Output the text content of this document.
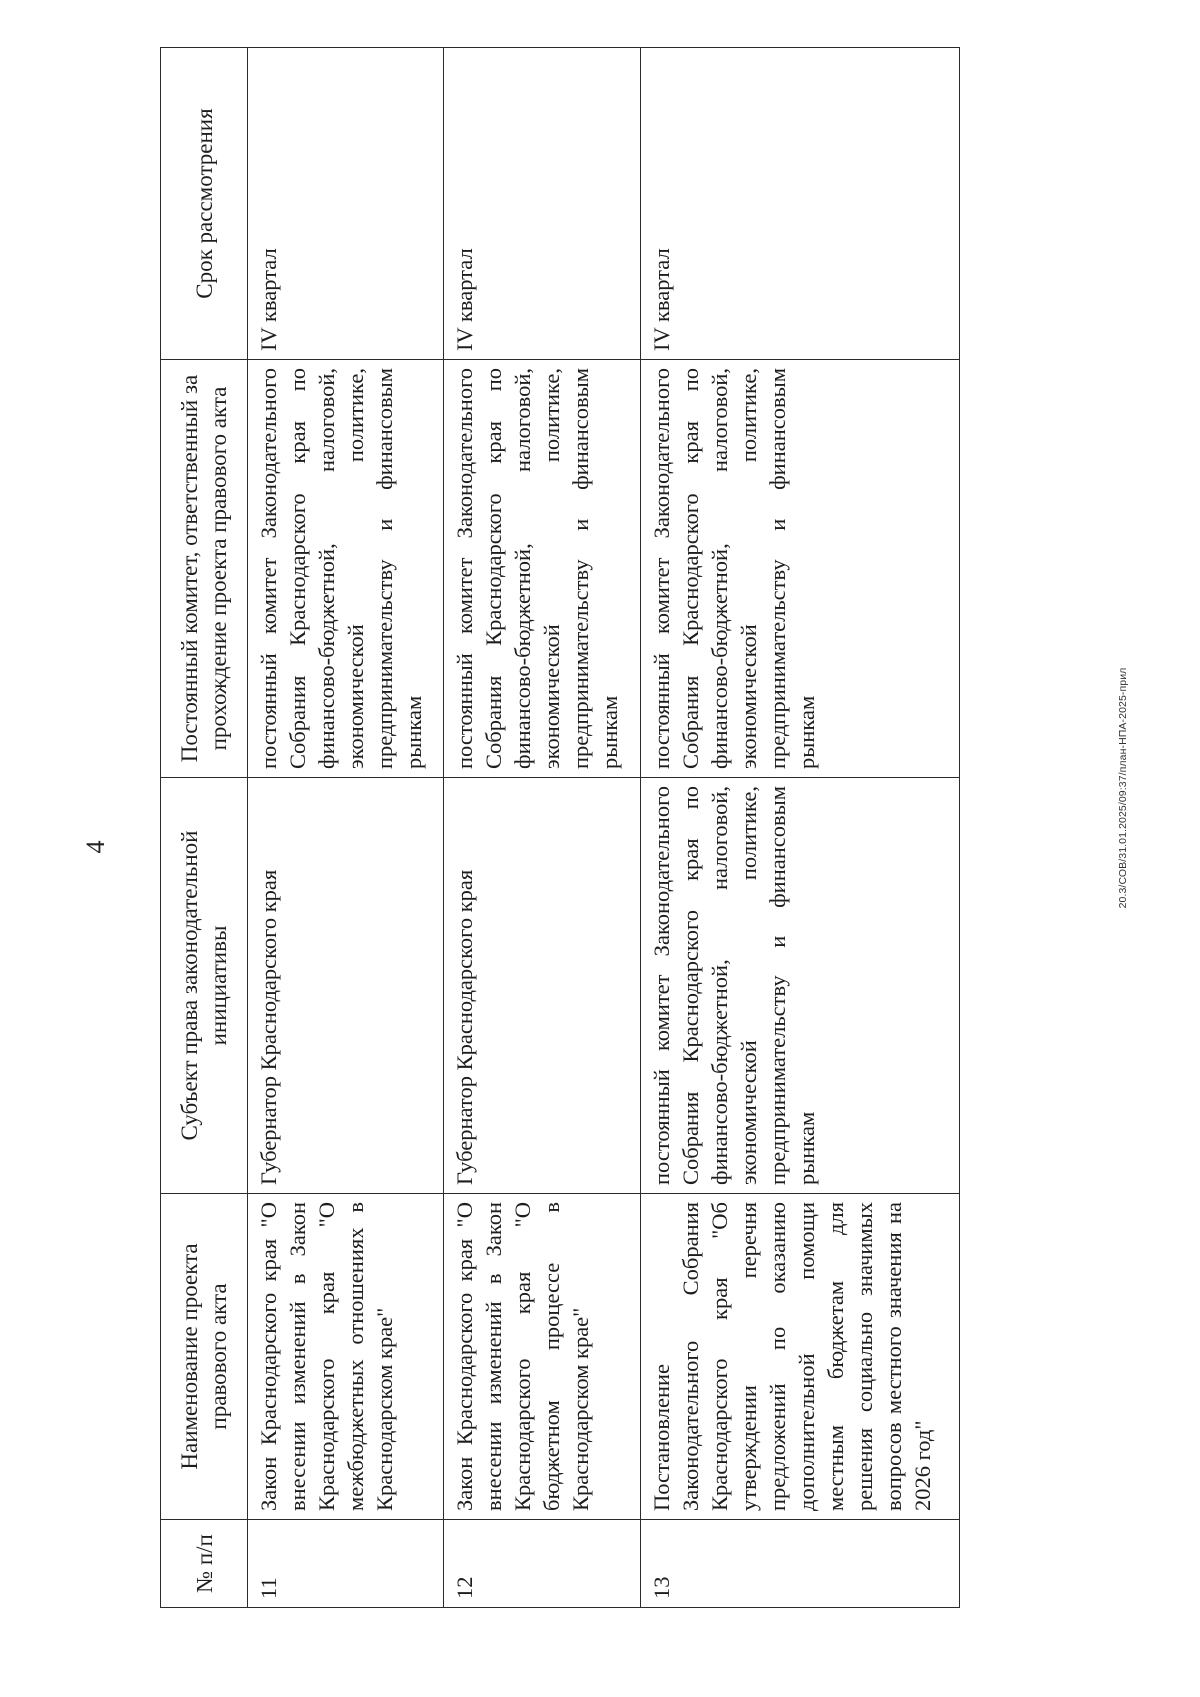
4	20.3/СОВ/31.01.2025/09:37/план-НПА-2025-прил
№ п/п	Наименование проекта правового акта	Субъект права законодательной инициативы	Постоянный комитет, ответственный за прохождение проекта правового акта	Срок рассмотрения
11	Закон Краснодарского края "О внесении изменений в Закон Краснодарского края "О межбюджетных отношениях в Краснодарском крае"	Губернатор Краснодарского края	постоянный комитет Законодательного Собрания Краснодарского края по финансово-бюджетной, налоговой, экономической политике, предпринимательству и финансовым рынкам	IV квартал
12	Закон Краснодарского края "О внесении изменений в Закон Краснодарского края "О бюджетном процессе в Краснодарском крае"	Губернатор Краснодарского края	постоянный комитет Законодательного Собрания Краснодарского края по финансово-бюджетной, налоговой, экономической политике, предпринимательству и финансовым рынкам	IV квартал
13	Постановление Законодательного Собрания Краснодарского края "Об утверждении перечня предложений по оказанию дополнительной помощи местным бюджетам для решения социально значимых вопросов местного значения на 2026 год"	постоянный комитет Законодательного Собрания Краснодарского края по финансово-бюджетной, налоговой, экономической политике, предпринимательству и финансовым рынкам	постоянный комитет Законодательного Собрания Краснодарского края по финансово-бюджетной, налоговой, экономической политике, предпринимательству и финансовым рынкам	IV квартал
